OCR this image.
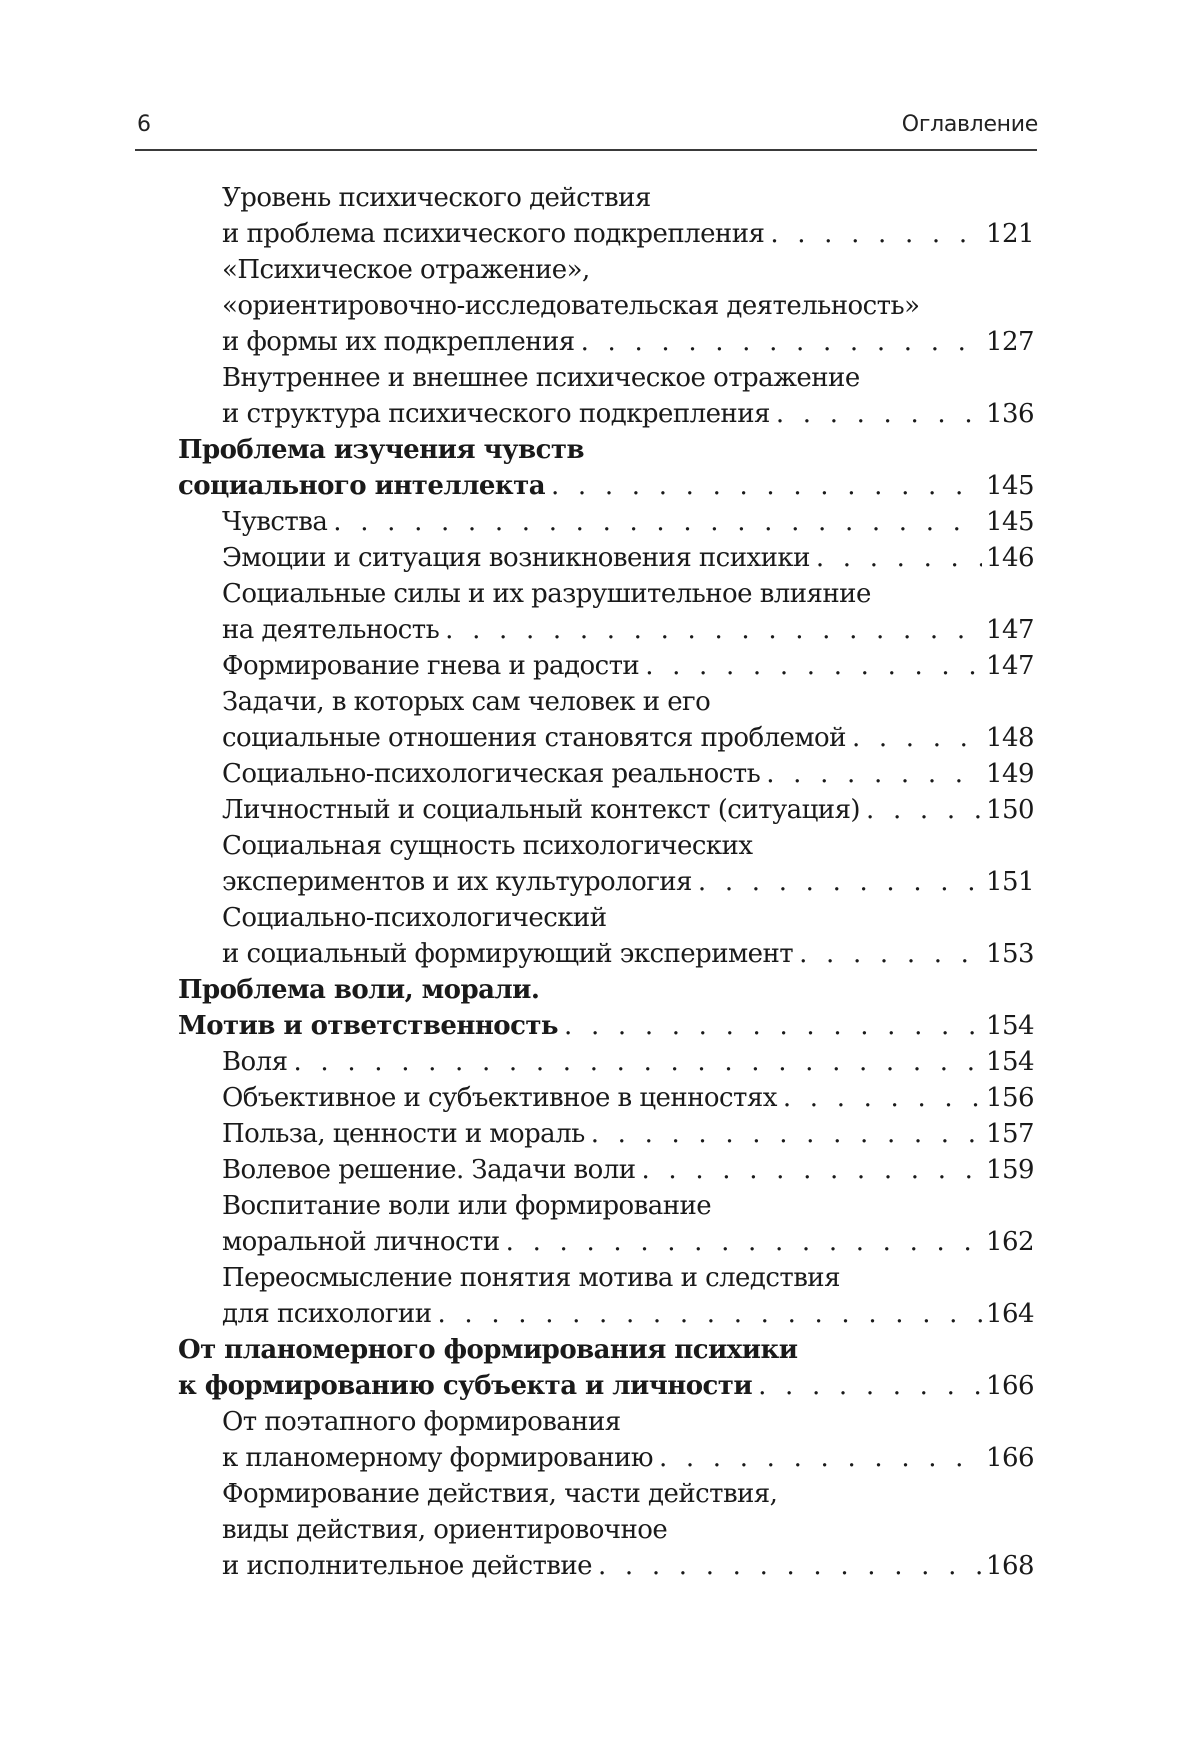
6	Оглавление
Уровень психического действия
и проблема психического подкрепления . . .	121
«Психическое отражение»,
«ориентировочно-исследовательская деятельность»
и формы их подкрепления . . .	127
Внутреннее и внешнее психическое отражение
и структура психического подкрепления . . .	136
Проблема изучения чувств
социального интеллекта . . .	145
Чувства . . .	145
Эмоции и ситуация возникновения психики . . .	146
Социальные силы и их разрушительное влияние
на деятельность . . .	147
Формирование гнева и радости . . .	147
Задачи, в которых сам человек и его
социальные отношения становятся проблемой . . .	148
Социально-психологическая реальность . . .	149
Личностный и социальный контекст (ситуация) . . .	150
Социальная сущность психологических
экспериментов и их культурология . . .	151
Социально-психологический
и социальный формирующий эксперимент . . .	153
Проблема воли, морали.
Мотив и ответственность . . .	154
Воля . . .	154
Объективное и субъективное в ценностях . . .	156
Польза, ценности и мораль . . .	157
Волевое решение. Задачи воли . . .	159
Воспитание воли или формирование
моральной личности . . .	162
Переосмысление понятия мотива и следствия
для психологии . . .	164
От планомерного формирования психики
к формированию субъекта и личности . . .	166
От поэтапного формирования
к планомерному формированию . . .	166
Формирование действия, части действия,
виды действия, ориентировочное
и исполнительное действие . . .	168
